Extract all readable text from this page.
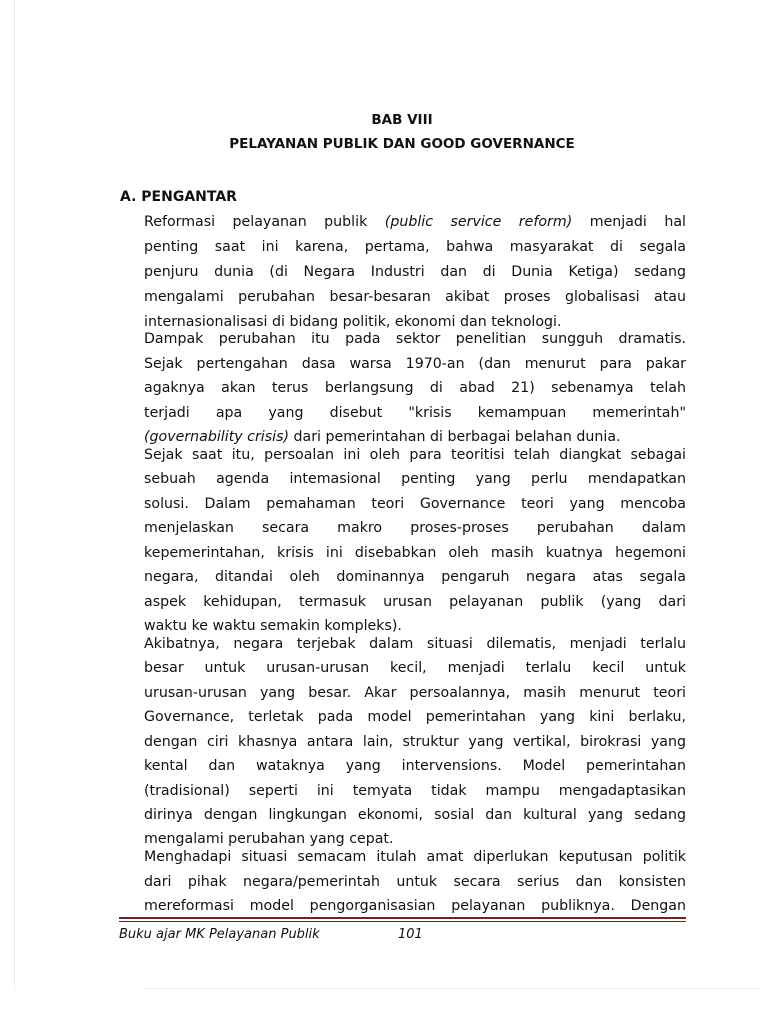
BAB VIII
PELAYANAN PUBLIK DAN GOOD GOVERNANCE
A. PENGANTAR
Reformasi pelayanan publik (public service reform) menjadi hal
penting saat ini karena, pertama, bahwa masyarakat di segala
penjuru dunia (di Negara Industri dan di Dunia Ketiga) sedang
mengalami perubahan besar-besaran akibat proses globalisasi atau
internasionalisasi di bidang politik, ekonomi dan teknologi.
Dampak perubahan itu pada sektor penelitian sungguh dramatis.
Sejak pertengahan dasa warsa 1970-an (dan menurut para pakar
agaknya akan terus berlangsung di abad 21) sebenamya telah
terjadi apa yang disebut "krisis kemampuan memerintah"
(governability crisis) dari pemerintahan di berbagai belahan dunia.
Sejak saat itu, persoalan ini oleh para teoritisi telah diangkat sebagai
sebuah agenda intemasional penting yang perlu mendapatkan
solusi. Dalam pemahaman teori Governance teori yang mencoba
menjelaskan secara makro proses-proses perubahan dalam
kepemerintahan, krisis ini disebabkan oleh masih kuatnya hegemoni
negara, ditandai oleh dominannya pengaruh negara atas segala
aspek kehidupan, termasuk urusan pelayanan publik (yang dari
waktu ke waktu semakin kompleks).
Akibatnya, negara terjebak dalam situasi dilematis, menjadi terlalu
besar untuk urusan-urusan kecil, menjadi terlalu kecil untuk
urusan-urusan yang besar. Akar persoalannya, masih menurut teori
Governance, terletak pada model pemerintahan yang kini berlaku,
dengan ciri khasnya antara lain, struktur yang vertikal, birokrasi yang
kental dan wataknya yang intervensions. Model pemerintahan
(tradisional) seperti ini temyata tidak mampu mengadaptasikan
dirinya dengan lingkungan ekonomi, sosial dan kultural yang sedang
mengalami perubahan yang cepat.
Menghadapi situasi semacam itulah amat diperlukan keputusan politik
dari pihak negara/pemerintah untuk secara serius dan konsisten
mereformasi model pengorganisasian pelayanan publiknya. Dengan
Buku ajar MK Pelayanan Publik	101
